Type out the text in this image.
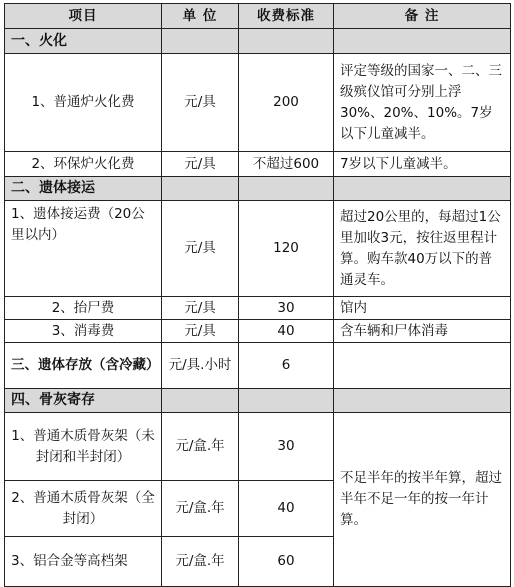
项目	单 位	收费标准	备 注
一、火化			
1、普通炉火化费	元/具	200	评定等级的国家一、二、三级殡仪馆可分别上浮30%、20%、10%。7岁以下儿童减半。
2、环保炉火化费	元/具	不超过600	7岁以下儿童减半。
二、遗体接运			
1、遗体接运费（20公里以内）	元/具	120	超过20公里的，每超过1公里加收3元，按往返里程计算。购车款40万以下的普通灵车。
2、抬尸费	元/具	30	馆内
3、消毒费	元/具	40	含车辆和尸体消毒
三、遗体存放（含冷藏）	元/具.小时	6	
四、骨灰寄存			
1、普通木质骨灰架（未封闭和半封闭）	元/盒.年	30	不足半年的按半年算，超过半年不足一年的按一年计算。
2、普通木质骨灰架（全封闭）	元/盒.年	40	
3、铝合金等高档架	元/盒.年	60	
